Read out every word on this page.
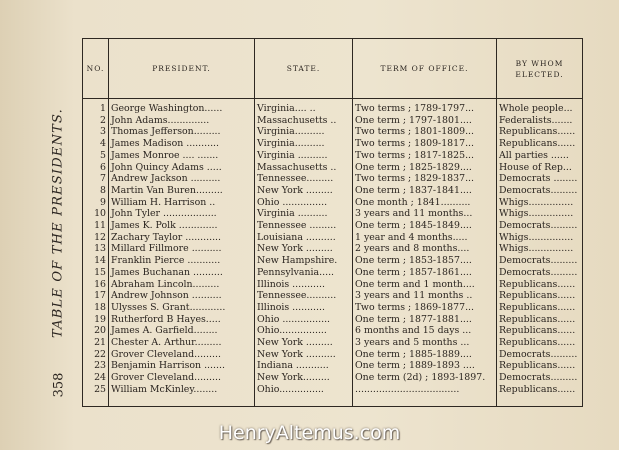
TABLE OF THE PRESIDENTS.
358
NO.	PRESIDENT.	STATE.	TERM OF OFFICE.	BY WHOM ELECTED.
1	George Washington......	Virginia.... ..	Two terms ; 1789-1797...	Whole people...
2	John Adams..............	Massachusetts ..	One term ; 1797-1801....	Federalists.......
3	Thomas Jefferson.........	Virginia..........	Two terms ; 1801-1809...	Republicans......
4	James Madison ...........	Virginia..........	Two terms ; 1809-1817...	Republicans......
5	James Monroe .... .......	Virginia ..........	Two terms ; 1817-1825...	All parties ......
6	John Quincy Adams .....	Massachusetts ..	One term ; 1825-1829....	House of Rep...
7	Andrew Jackson ..........	Tennessee.........	Two terms ; 1829-1837...	Democrats ........
8	Martin Van Buren.........	New York .........	One term ; 1837-1841....	Democrats.........
9	William H. Harrison ..	Ohio ...............	One month ; 1841..........	Whigs...............
10	John Tyler ..................	Virginia ..........	3 years and 11 months...	Whigs...............
11	James K. Polk .............	Tennessee .........	One term ; 1845-1849....	Democrats.........
12	Zachary Taylor ............	Louisiana ..........	1 year and 4 months.....	Whigs...............
13	Millard Fillmore ..........	New York .........	2 years and 8 months....	Whigs...............
14	Franklin Pierce ...........	New Hampshire.	One term ; 1853-1857....	Democrats.........
15	James Buchanan ..........	Pennsylvania.....	One term ; 1857-1861....	Democrats.........
16	Abraham Lincoln.........	Illinois ...........	One term and 1 month....	Republicans......
17	Andrew Johnson ..........	Tennessee..........	3 years and 11 months ..	Republicans......
18	Ulysses S. Grant............	Illinois ...........	Two terms ; 1869-1877...	Republicans......
19	Rutherford B Hayes.....	Ohio ................	One term ; 1877-1881....	Republicans......
20	James A. Garfield........	Ohio................	6 months and 15 days ...	Republicans......
21	Chester A. Arthur.........	New York .........	3 years and 5 months ...	Republicans......
22	Grover Cleveland.........	New York ..........	One term ; 1885-1889....	Democrats.........
23	Benjamin Harrison .......	Indiana ...........	One term ; 1889-1893 ....	Republicans......
24	Grover Cleveland.........	New York.........	One term (2d) ; 1893-1897.	Democrats.........
25	William McKinley........	Ohio...............	...................................	Republicans......
HenryAltemus.com
